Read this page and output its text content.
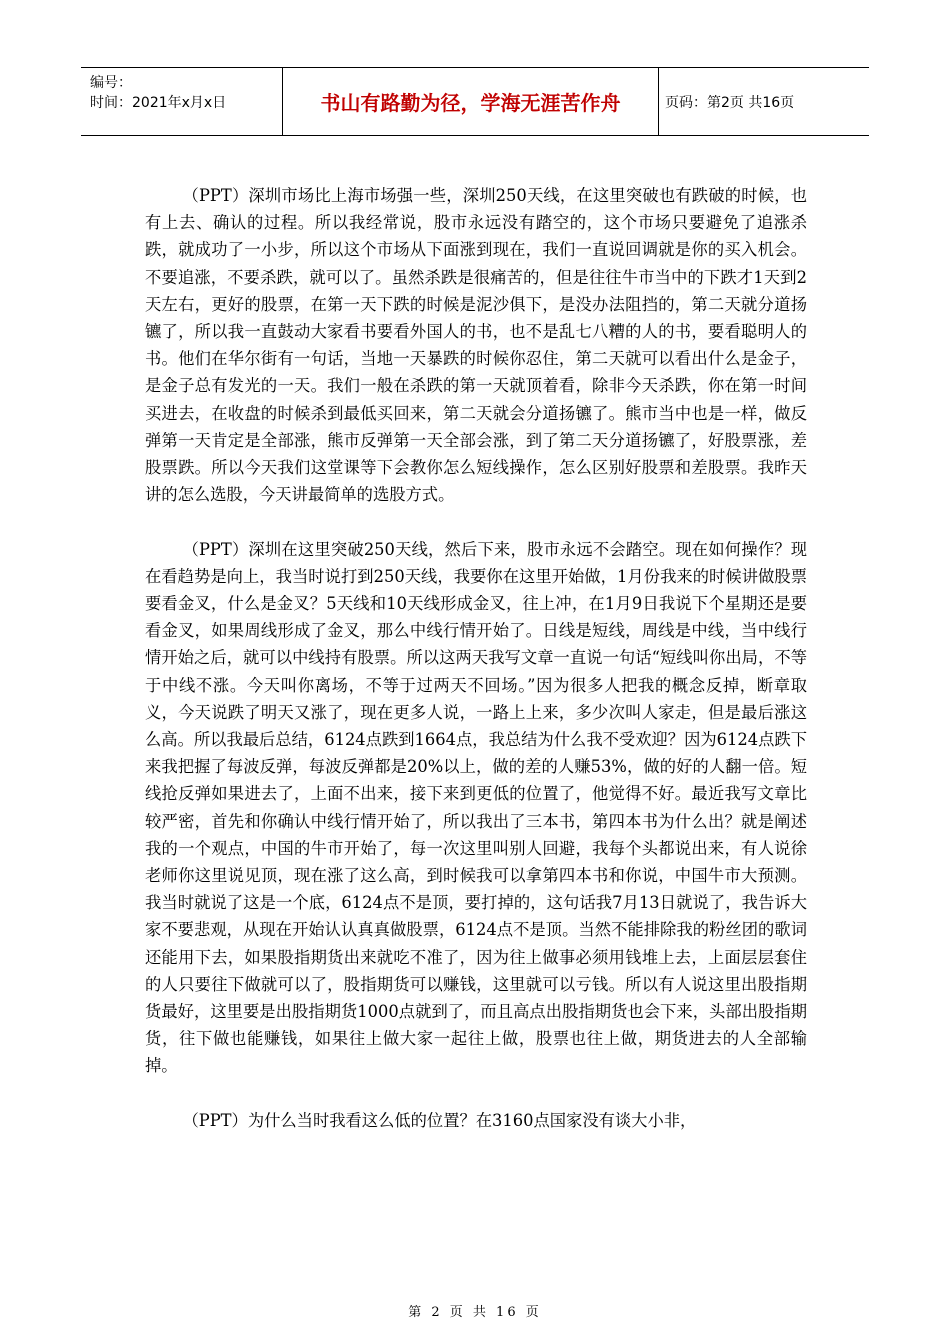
编号：
时间：2021年x月x日	书山有路勤为径，学海无涯苦作舟	页码：第2页 共16页

（PPT）深圳市场比上海市场强一些，深圳250天线，在这里突破也有跌破的时候，也有上去、确认的过程。所以我经常说，股市永远没有踏空的，这个市场只要避免了追涨杀跌，就成功了一小步，所以这个市场从下面涨到现在，我们一直说回调就是你的买入机会。不要追涨，不要杀跌，就可以了。虽然杀跌是很痛苦的，但是往往牛市当中的下跌才1天到2天左右，更好的股票，在第一天下跌的时候是泥沙俱下，是没办法阻挡的，第二天就分道扬镳了，所以我一直鼓动大家看书要看外国人的书，也不是乱七八糟的人的书，要看聪明人的书。他们在华尔街有一句话，当地一天暴跌的时候你忍住，第二天就可以看出什么是金子，是金子总有发光的一天。我们一般在杀跌的第一天就顶着看，除非今天杀跌，你在第一时间买进去，在收盘的时候杀到最低买回来，第二天就会分道扬镳了。熊市当中也是一样，做反弹第一天肯定是全部涨，熊市反弹第一天全部会涨，到了第二天分道扬镳了，好股票涨，差股票跌。所以今天我们这堂课等下会教你怎么短线操作，怎么区别好股票和差股票。我昨天讲的怎么选股，今天讲最简单的选股方式。

（PPT）深圳在这里突破250天线，然后下来，股市永远不会踏空。现在如何操作？现在看趋势是向上，我当时说打到250天线，我要你在这里开始做，1月份我来的时候讲做股票要看金叉，什么是金叉？5天线和10天线形成金叉，往上冲，在1月9日我说下个星期还是要看金叉，如果周线形成了金叉，那么中线行情开始了。日线是短线，周线是中线，当中线行情开始之后，就可以中线持有股票。所以这两天我写文章一直说一句话“短线叫你出局，不等于中线不涨。今天叫你离场，不等于过两天不回场。”因为很多人把我的概念反掉，断章取义，今天说跌了明天又涨了，现在更多人说，一路上上来，多少次叫人家走，但是最后涨这么高。所以我最后总结，6124点跌到1664点，我总结为什么我不受欢迎？因为6124点跌下来我把握了每波反弹，每波反弹都是20%以上，做的差的人赚53%，做的好的人翻一倍。短线抢反弹如果进去了，上面不出来，接下来到更低的位置了，他觉得不好。最近我写文章比较严密，首先和你确认中线行情开始了，所以我出了三本书，第四本书为什么出？就是阐述我的一个观点，中国的牛市开始了，每一次这里叫别人回避，我每个头都说出来，有人说徐老师你这里说见顶，现在涨了这么高，到时候我可以拿第四本书和你说，中国牛市大预测。我当时就说了这是一个底，6124点不是顶，要打掉的，这句话我7月13日就说了，我告诉大家不要悲观，从现在开始认认真真做股票，6124点不是顶。当然不能排除我的粉丝团的歌词还能用下去，如果股指期货出来就吃不准了，因为往上做事必须用钱堆上去，上面层层套住的人只要往下做就可以了，股指期货可以赚钱，这里就可以亏钱。所以有人说这里出股指期货最好，这里要是出股指期货1000点就到了，而且高点出股指期货也会下来，头部出股指期货，往下做也能赚钱，如果往上做大家一起往上做，股票也往上做，期货进去的人全部输掉。

（PPT）为什么当时我看这么低的位置？在3160点国家没有谈大小非，

第 2 页 共 16 页
